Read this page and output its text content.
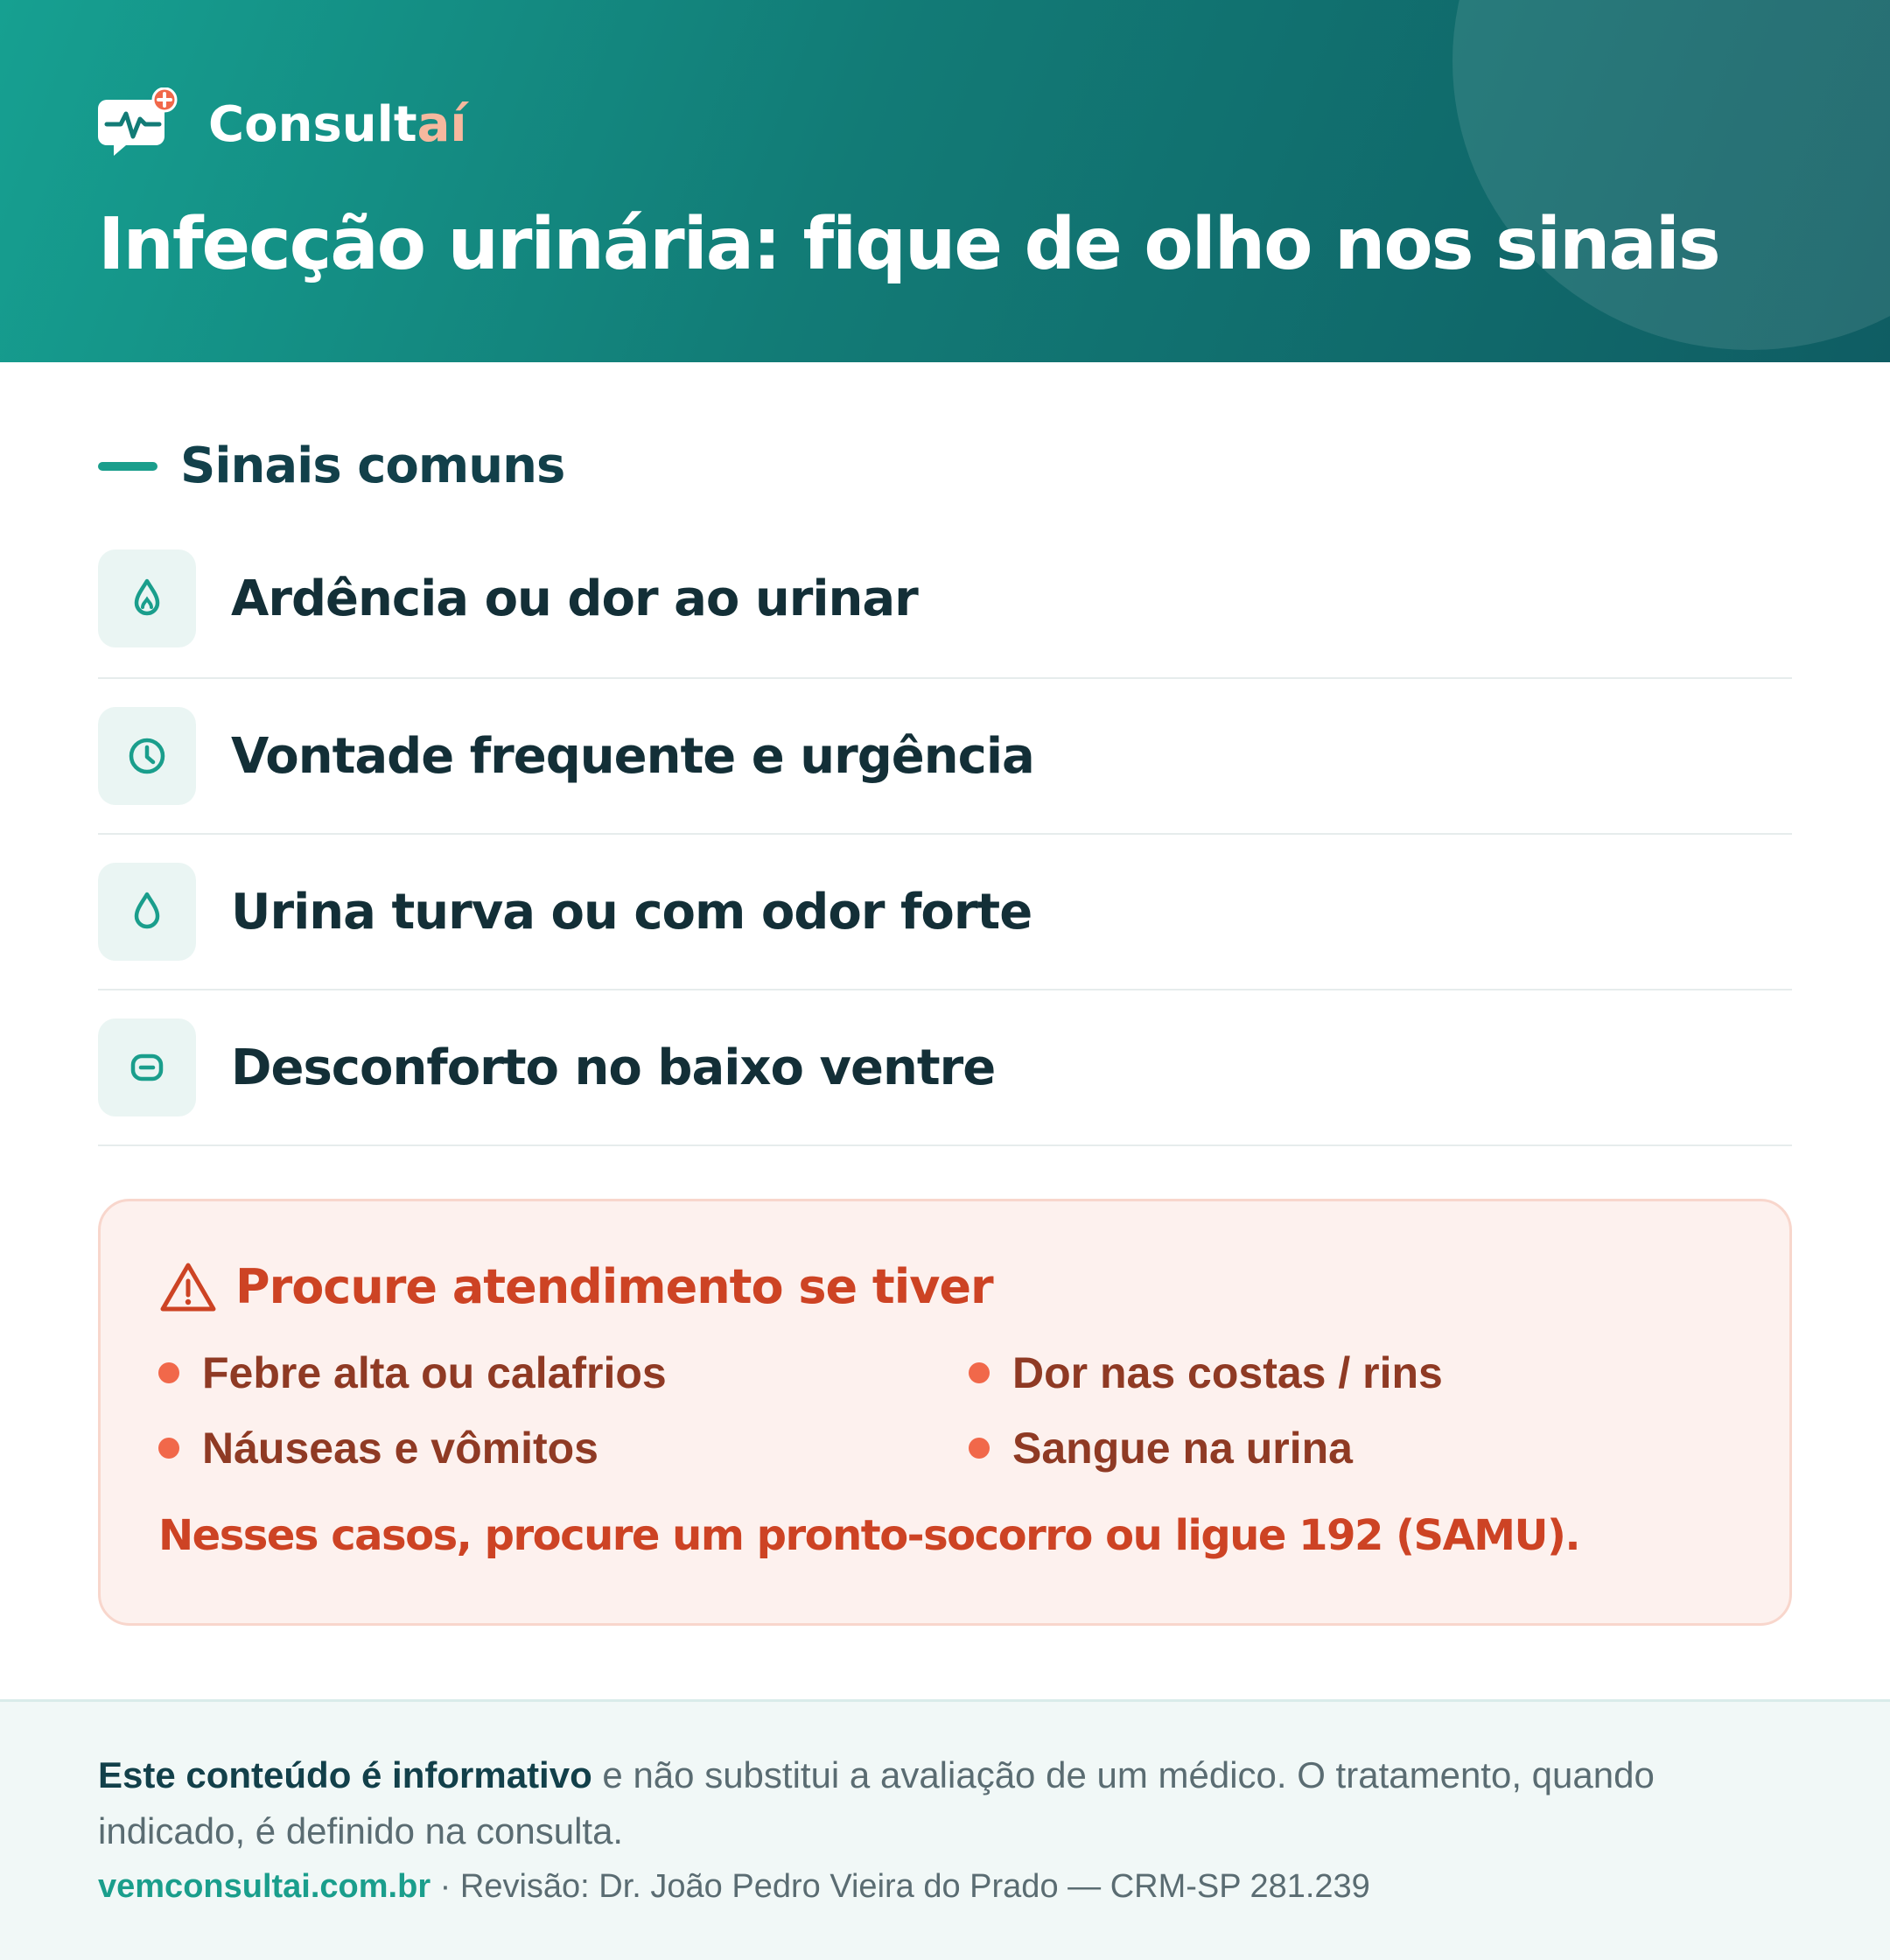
Consultaí
Infecção urinária: fique de olho nos sinais
Sinais comuns
Ardência ou dor ao urinar
Vontade frequente e urgência
Urina turva ou com odor forte
Desconforto no baixo ventre
Procure atendimento se tiver
Febre alta ou calafrios	Dor nas costas / rins
Náuseas e vômitos	Sangue na urina

Nesses casos, procure um pronto-socorro ou ligue 192 (SAMU).

Este conteúdo é informativo e não substitui a avaliação de um médico. O tratamento, quando indicado, é definido na consulta.

vemconsultai.com.br · Revisão: Dr. João Pedro Vieira do Prado — CRM-SP 281.239
